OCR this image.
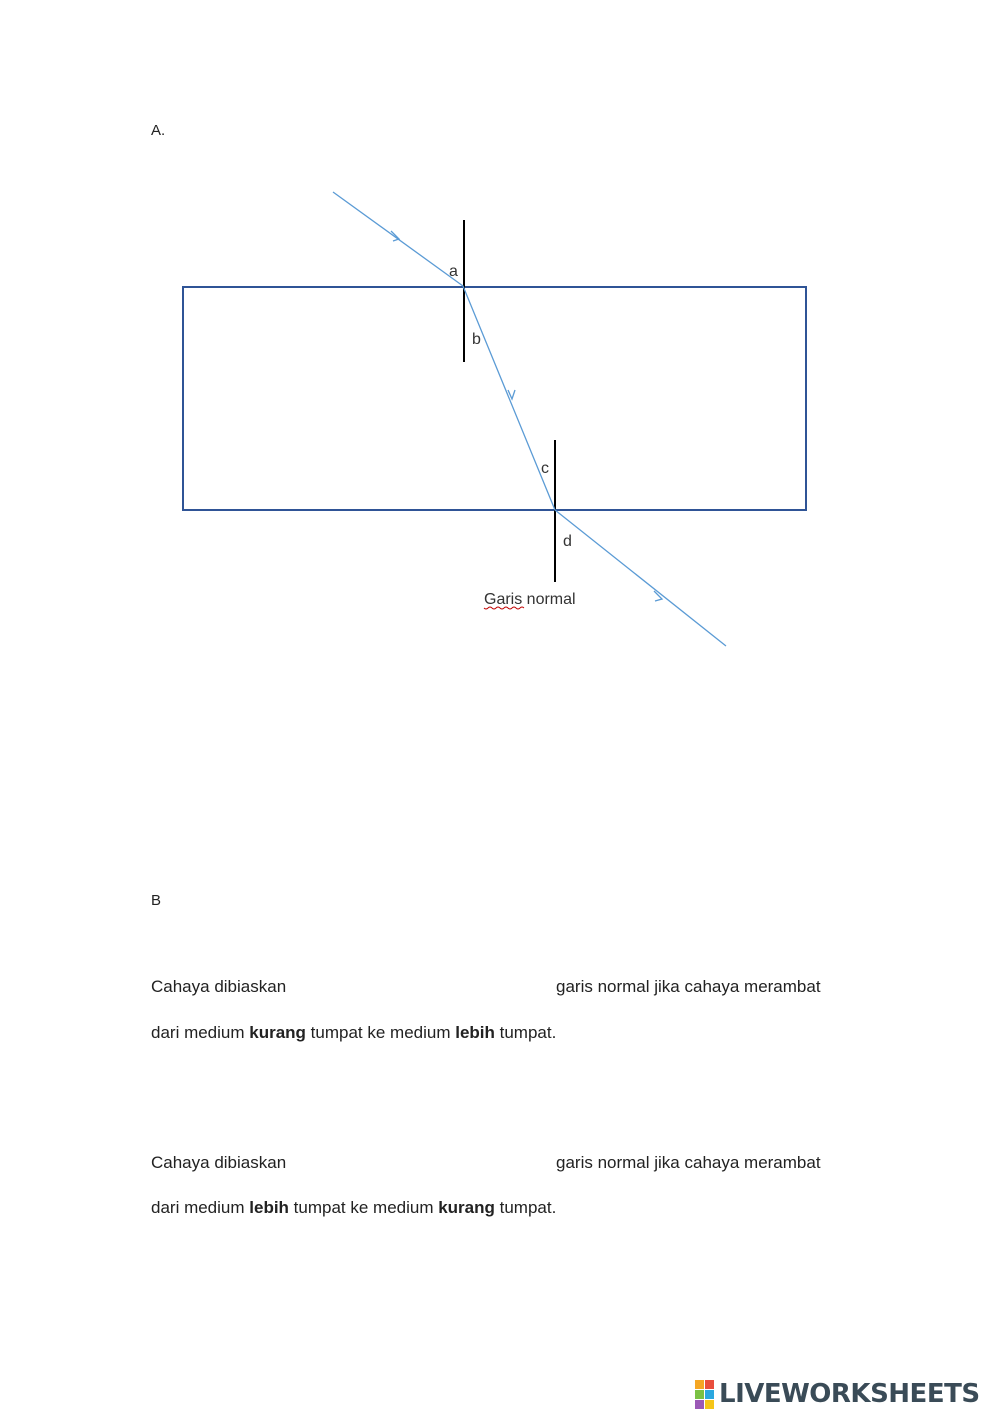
A.
a
b
c
d
Garis normal
B
Cahaya dibiaskan	garis normal jika cahaya merambat
dari medium kurang tumpat ke medium lebih tumpat.
Cahaya dibiaskan	garis normal jika cahaya merambat
dari medium lebih tumpat ke medium kurang tumpat.
LIVEWORKSHEETS
